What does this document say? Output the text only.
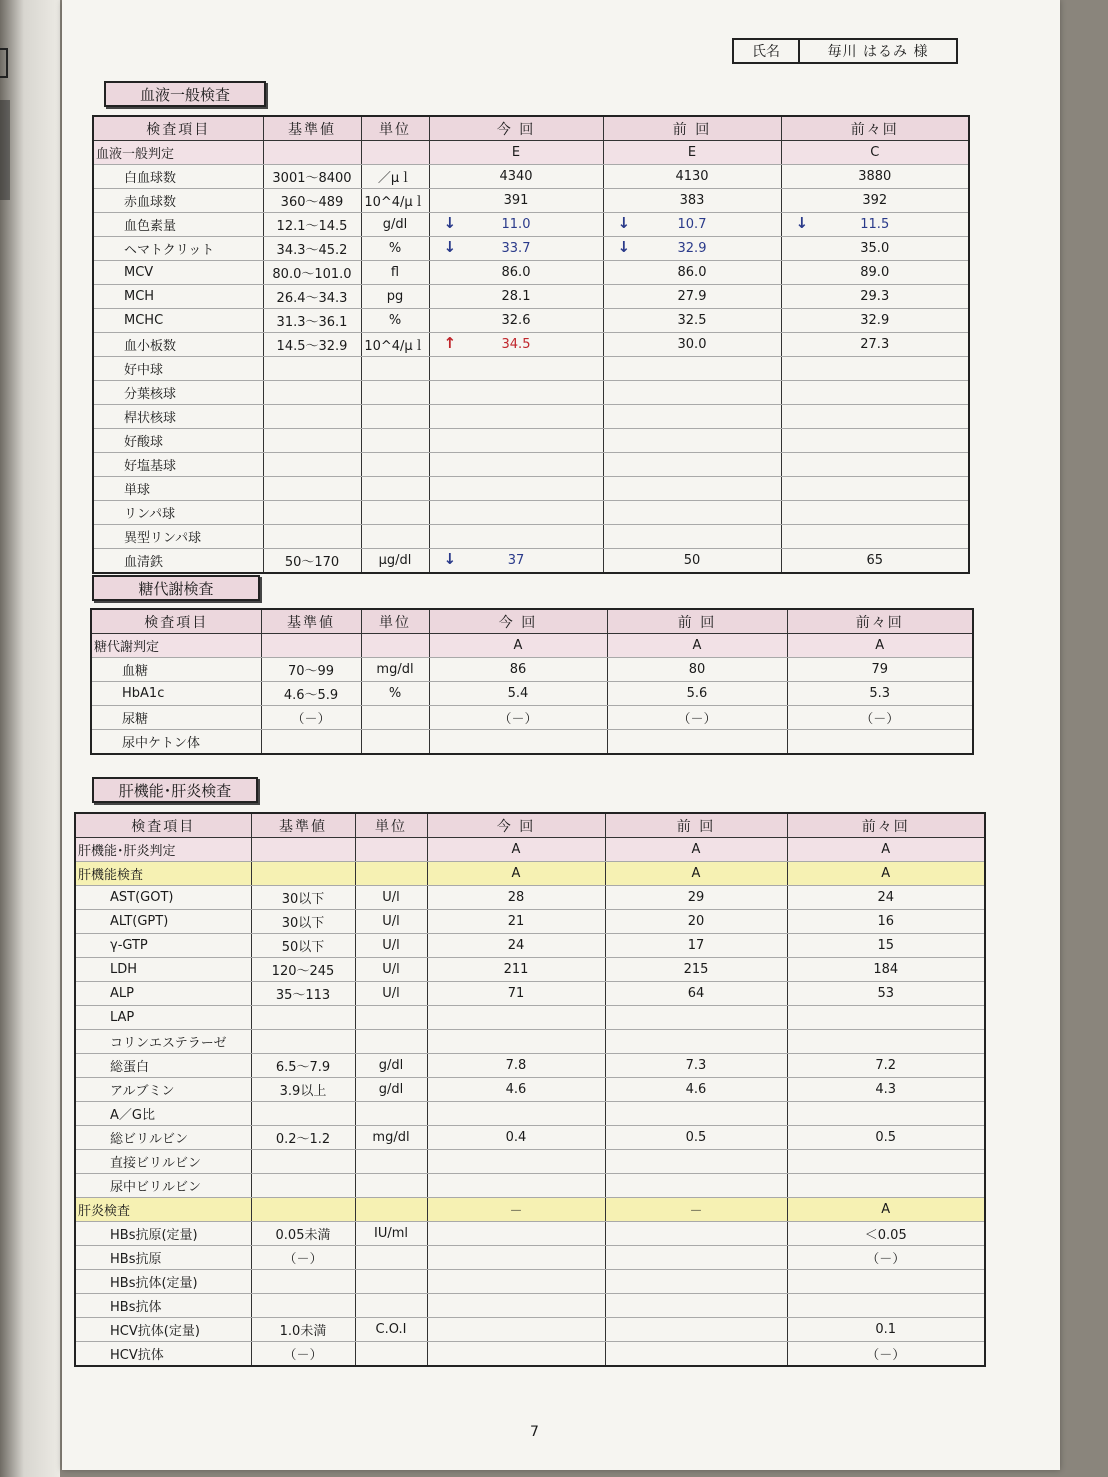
氏名	毎川 はるみ 様
血液一般検査
検査項目	基準値	単位	今 回	前 回	前々回
血液一般判定			E	E	C
白血球数	3001～8400	／μｌ	4340	4130	3880
赤血球数	360～489	10^4/μｌ	391	383	392
血色素量	12.1～14.5	g/dl	↓ 11.0	↓ 10.7	↓ 11.5
ヘマトクリット	34.3～45.2	%	↓ 33.7	↓ 32.9	35.0
MCV	80.0～101.0	fl	86.0	86.0	89.0
MCH	26.4～34.3	pg	28.1	27.9	29.3
MCHC	31.3～36.1	%	32.6	32.5	32.9
血小板数	14.5～32.9	10^4/μｌ	↑ 34.5	30.0	27.3
好中球					
分葉核球					
桿状核球					
好酸球					
好塩基球					
単球					
リンパ球					
異型リンパ球					
血清鉄	50～170	μg/dl	↓ 37	50	65
糖代謝検査
検査項目	基準値	単位	今 回	前 回	前々回
糖代謝判定			A	A	A
血糖	70～99	mg/dl	86	80	79
HbA1c	4.6～5.9	%	5.4	5.6	5.3
尿糖	（－）		（－）	（－）	（－）
尿中ケトン体					
肝機能･肝炎検査
検査項目	基準値	単位	今 回	前 回	前々回
肝機能･肝炎判定			A	A	A
肝機能検査			A	A	A
AST(GOT)	30以下	U/l	28	29	24
ALT(GPT)	30以下	U/l	21	20	16
γ-GTP	50以下	U/l	24	17	15
LDH	120～245	U/l	211	215	184
ALP	35～113	U/l	71	64	53
LAP					
コリンエステラーゼ					
総蛋白	6.5～7.9	g/dl	7.8	7.3	7.2
アルブミン	3.9以上	g/dl	4.6	4.6	4.3
A／G比					
総ビリルビン	0.2～1.2	mg/dl	0.4	0.5	0.5
直接ビリルビン					
尿中ビリルビン					
肝炎検査			－	－	A
HBs抗原(定量)	0.05未満	IU/ml			＜0.05
HBs抗原	（－）				（－）
HBs抗体(定量)					
HBs抗体					
HCV抗体(定量)	1.0未満	C.O.I			0.1
HCV抗体	（－）				（－）
7
